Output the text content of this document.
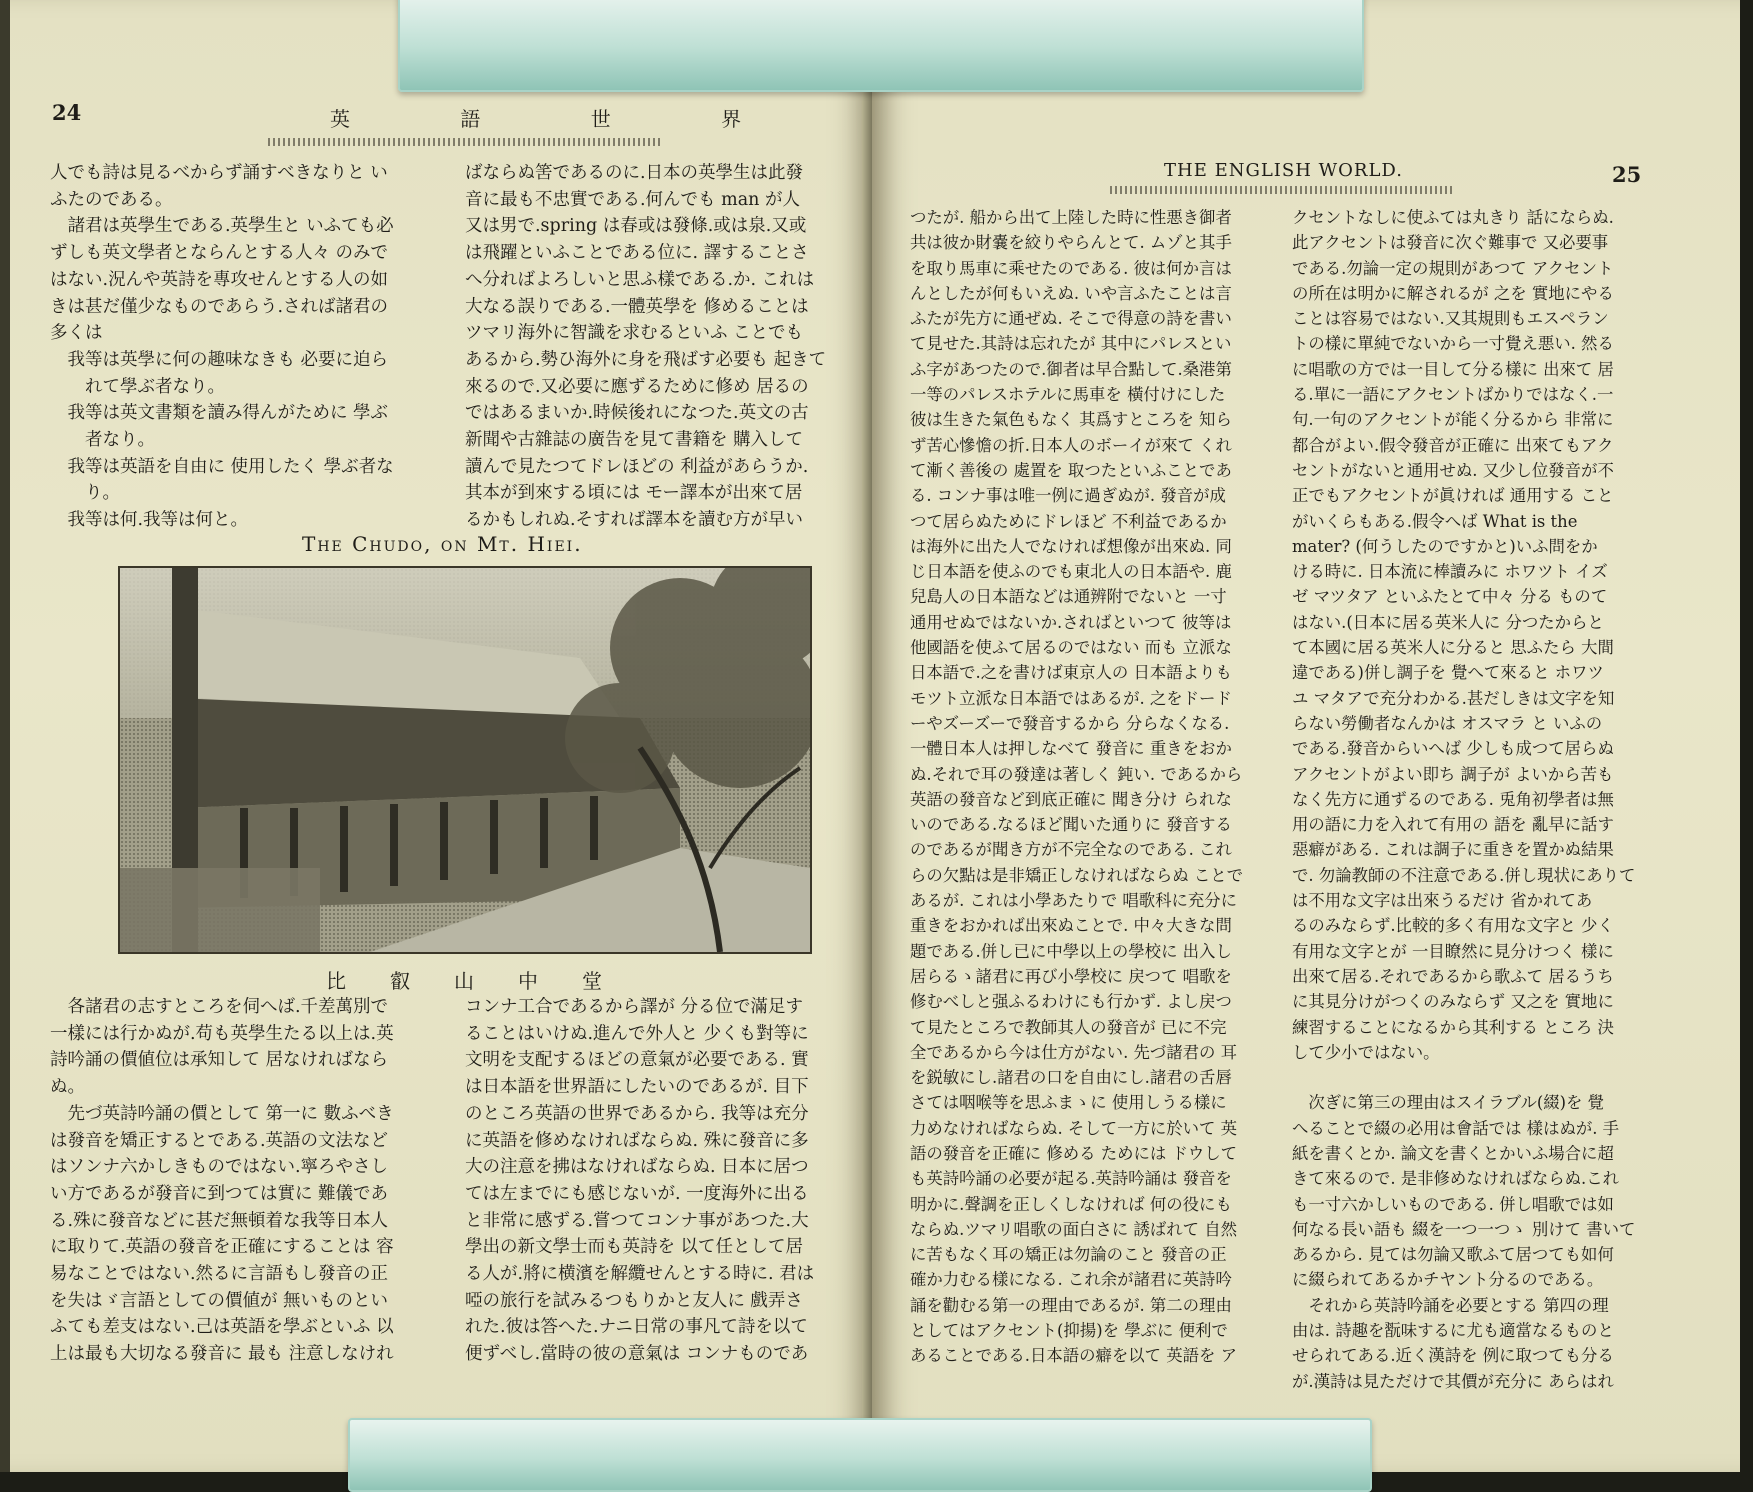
24	英 語 世 界

人でも詩は見るべからず誦すべきなりと い

ふたのである。

　諸君は英學生である.英學生と いふても必

ずしも英文學者とならんとする人々 のみで

はない.況んや英詩を專攻せんとする人の如

きは甚だ僅少なものであらう.されば諸君の

多くは

　我等は英學に何の趣味なきも 必要に迫ら

　　れて學ぶ者なり。

　我等は英文書類を讀み得んがために 學ぶ

　　者なり。

　我等は英語を自由に 使用したく 學ぶ者な

　　り。

　我等は何.我等は何と。

ばならぬ筈であるのに.日本の英學生は此發

音に最も不忠實である.何んでも man が人

又は男で.spring は春或は發條.或は泉.又或

は飛躍といふことである位に. 譯することさ

へ分ればよろしいと思ふ樣である.か. これは

大なる誤りである.一體英學を 修めることは

ツマリ海外に智識を求むるといふ ことでも

あるから.勢ひ海外に身を飛ばす必要も 起きて

來るので.又必要に應ずるために修め 居るの

ではあるまいか.時候後れになつた.英文の古

新聞や古雜誌の廣告を見て書籍を 購入して

讀んで見たつてドレほどの 利益があらうか.

其本が到來する頃には モー譯本が出來て居

るかもしれぬ.そすれば譯本を讀む方が早い

The Chudo, on Mt. Hiei.
比叡山中堂

　各諸君の志すところを伺へば.千差萬別で

一樣には行かぬが.苟も英學生たる以上は.英

詩吟誦の價値位は承知して 居なければなら

ぬ。

　先づ英詩吟誦の價として 第一に 數ふべき

は發音を矯正するとである.英語の文法など

はソンナ六かしきものではない.寧ろやさし

い方であるが發音に到つては實に 難儀であ

る.殊に發音などに甚だ無頓着な我等日本人

に取りて.英語の發音を正確にすることは 容

易なことではない.然るに言語もし發音の正

を失はゞ言語としての價値が 無いものとい

ふても差支はない.己は英語を學ぶといふ 以

上は最も大切なる發音に 最も 注意しなけれ

コンナ工合であるから譯が 分る位で滿足す

ることはいけぬ.進んで外人と 少くも對等に

文明を支配するほどの意氣が必要である. 實

は日本語を世界語にしたいのであるが. 目下

のところ英語の世界であるから. 我等は充分

に英語を修めなければならぬ. 殊に發音に多

大の注意を拂はなければならぬ. 日本に居つ

ては左までにも感じないが. 一度海外に出る

と非常に感ずる.嘗つてコンナ事があつた.大

學出の新文學士而も英詩を 以て任として居

る人が.將に横濱を解纜せんとする時に. 君は

啞の旅行を試みるつもりかと友人に 戲弄さ

れた.彼は答へた.ナニ日常の事凡て詩を以て

便ずべし.當時の彼の意氣は コンナものであ

THE ENGLISH WORLD.	25

つたが. 船から出て上陸した時に性悪き御者

共は彼か財嚢を絞りやらんとて. ムゾと其手

を取り馬車に乘せたのである. 彼は何か言は

んとしたが何もいえぬ. いや言ふたことは言

ふたが先方に通ぜぬ. そこで得意の詩を書い

て見せた.其詩は忘れたが 其中にパレスとい

ふ字があつたので.御者は早合點して.桑港第

一等のパレスホテルに馬車を 橫付けにした

彼は生きた氣色もなく 其爲すところを 知ら

ず苦心慘憺の折.日本人のボーイが來て くれ

て漸く善後の 處置を 取つたといふことであ

る. コンナ事は唯一例に過ぎぬが. 發音が成

つて居らぬためにドレほど 不利益であるか

は海外に出た人でなければ想像が出來ぬ. 同

じ日本語を使ふのでも東北人の日本語や. 鹿

兒島人の日本語などは通辨附でないと 一寸

通用せぬではないか.さればといつて 彼等は

他國語を使ふて居るのではない 而も 立派な

日本語で.之を書けば東京人の 日本語よりも

モツト立派な日本語ではあるが. 之をドード

ーやズーズーで發音するから 分らなくなる.

一體日本人は押しなべて 發音に 重きをおか

ぬ.それで耳の發達は著しく 鈍い. であるから

英語の發音など到底正確に 聞き分け られな

いのである.なるほど聞いた通りに 發音する

のであるが聞き方が不完全なのである. これ

らの欠點は是非矯正しなければならぬ ことで

あるが. これは小學あたりで 唱歌科に充分に

重きをおかれば出來ぬことで. 中々大きな問

題である.併し已に中學以上の學校に 出入し

居らるゝ諸君に再び小學校に 戻つて 唱歌を

修むべしと强ふるわけにも行かず. よし戻つ

て見たところで教師其人の發音が 已に不完

全であるから今は仕方がない. 先づ諸君の 耳

を鋭敏にし.諸君の口を自由にし.諸君の舌唇

さては咽喉等を思ふまゝに 使用しうる樣に

力めなければならぬ. そして一方に於いて 英

語の發音を正確に 修める ためには ドウして

も英詩吟誦の必要が起る.英詩吟誦は 發音を

明かに.聲調を正しくしなければ 何の役にも

ならぬ.ツマリ唱歌の面白さに 誘ばれて 自然

に苦もなく耳の矯正は勿論のこと 發音の正

確か力むる樣になる. これ余が諸君に英詩吟

誦を勸むる第一の理由であるが. 第二の理由

としてはアクセント(抑揚)を 學ぶに 便利で

あることである.日本語の癖を以て 英語を ア

クセントなしに使ふては丸きり 話にならぬ.

此アクセントは發音に次ぐ難事で 又必要事

である.勿論一定の規則があつて アクセント

の所在は明かに解されるが 之を 實地にやる

ことは容易ではない.又其規則もエスペラン

トの樣に單純でないから一寸覺え悪い. 然る

に唱歌の方では一目して分る樣に 出來て 居

る.單に一語にアクセントばかりではなく.一

句.一句のアクセントが能く分るから 非常に

都合がよい.假令發音が正確に 出來てもアク

セントがないと通用せぬ. 又少し位發音が不

正でもアクセントが眞ければ 通用する こと

がいくらもある.假令へば What is the

mater? (何うしたのですかと)いふ問をか

ける時に. 日本流に棒讀みに ホワツト イズ

ゼ マツタア といふたとて中々 分る ものて

はない.(日本に居る英米人に 分つたからと

て本國に居る英米人に分ると 思ふたら 大間

違である)併し調子を 覺へて來ると ホワツ

ユ マタアで充分わかる.甚だしきは文字を知

らない勞働者なんかは オスマラ と いふの

である.發音からいへば 少しも成つて居らぬ

アクセントがよい即ち 調子が よいから苦も

なく先方に通ずるのである. 兎角初學者は無

用の語に力を入れて有用の 語を 亂早に話す

惡癖がある. これは調子に重きを置かぬ結果

で. 勿論教師の不注意である.併し現状にありて

は不用な文字は出來うるだけ 省かれてあ

るのみならず.比較的多く有用な文字と 少く

有用な文字とが 一目瞭然に見分けつく 樣に

出來て居る.それであるから歌ふて 居るうち

に其見分けがつくのみならず 又之を 實地に

練習することになるから其利する ところ 決

して少小ではない。

　次ぎに第三の理由はスイラブル(綴)を 覺

へることで綴の必用は會話では 樣はぬが. 手

紙を書くとか. 論文を書くとかいふ場合に超

きて來るので. 是非修めなければならぬ.これ

も一寸六かしいものである. 併し唱歌では如

何なる長い語も 綴を一つ一つゝ 別けて 書いて

あるから. 見ては勿論又歌ふて居つても如何

に綴られてあるかチヤント分るのである。

　それから英詩吟誦を必要とする 第四の理

由は. 詩趣を翫味するに尤も適當なるものと

せられてある.近く漢詩を 例に取つても分る

が.漢詩は見ただけで其價が充分に あらはれ
